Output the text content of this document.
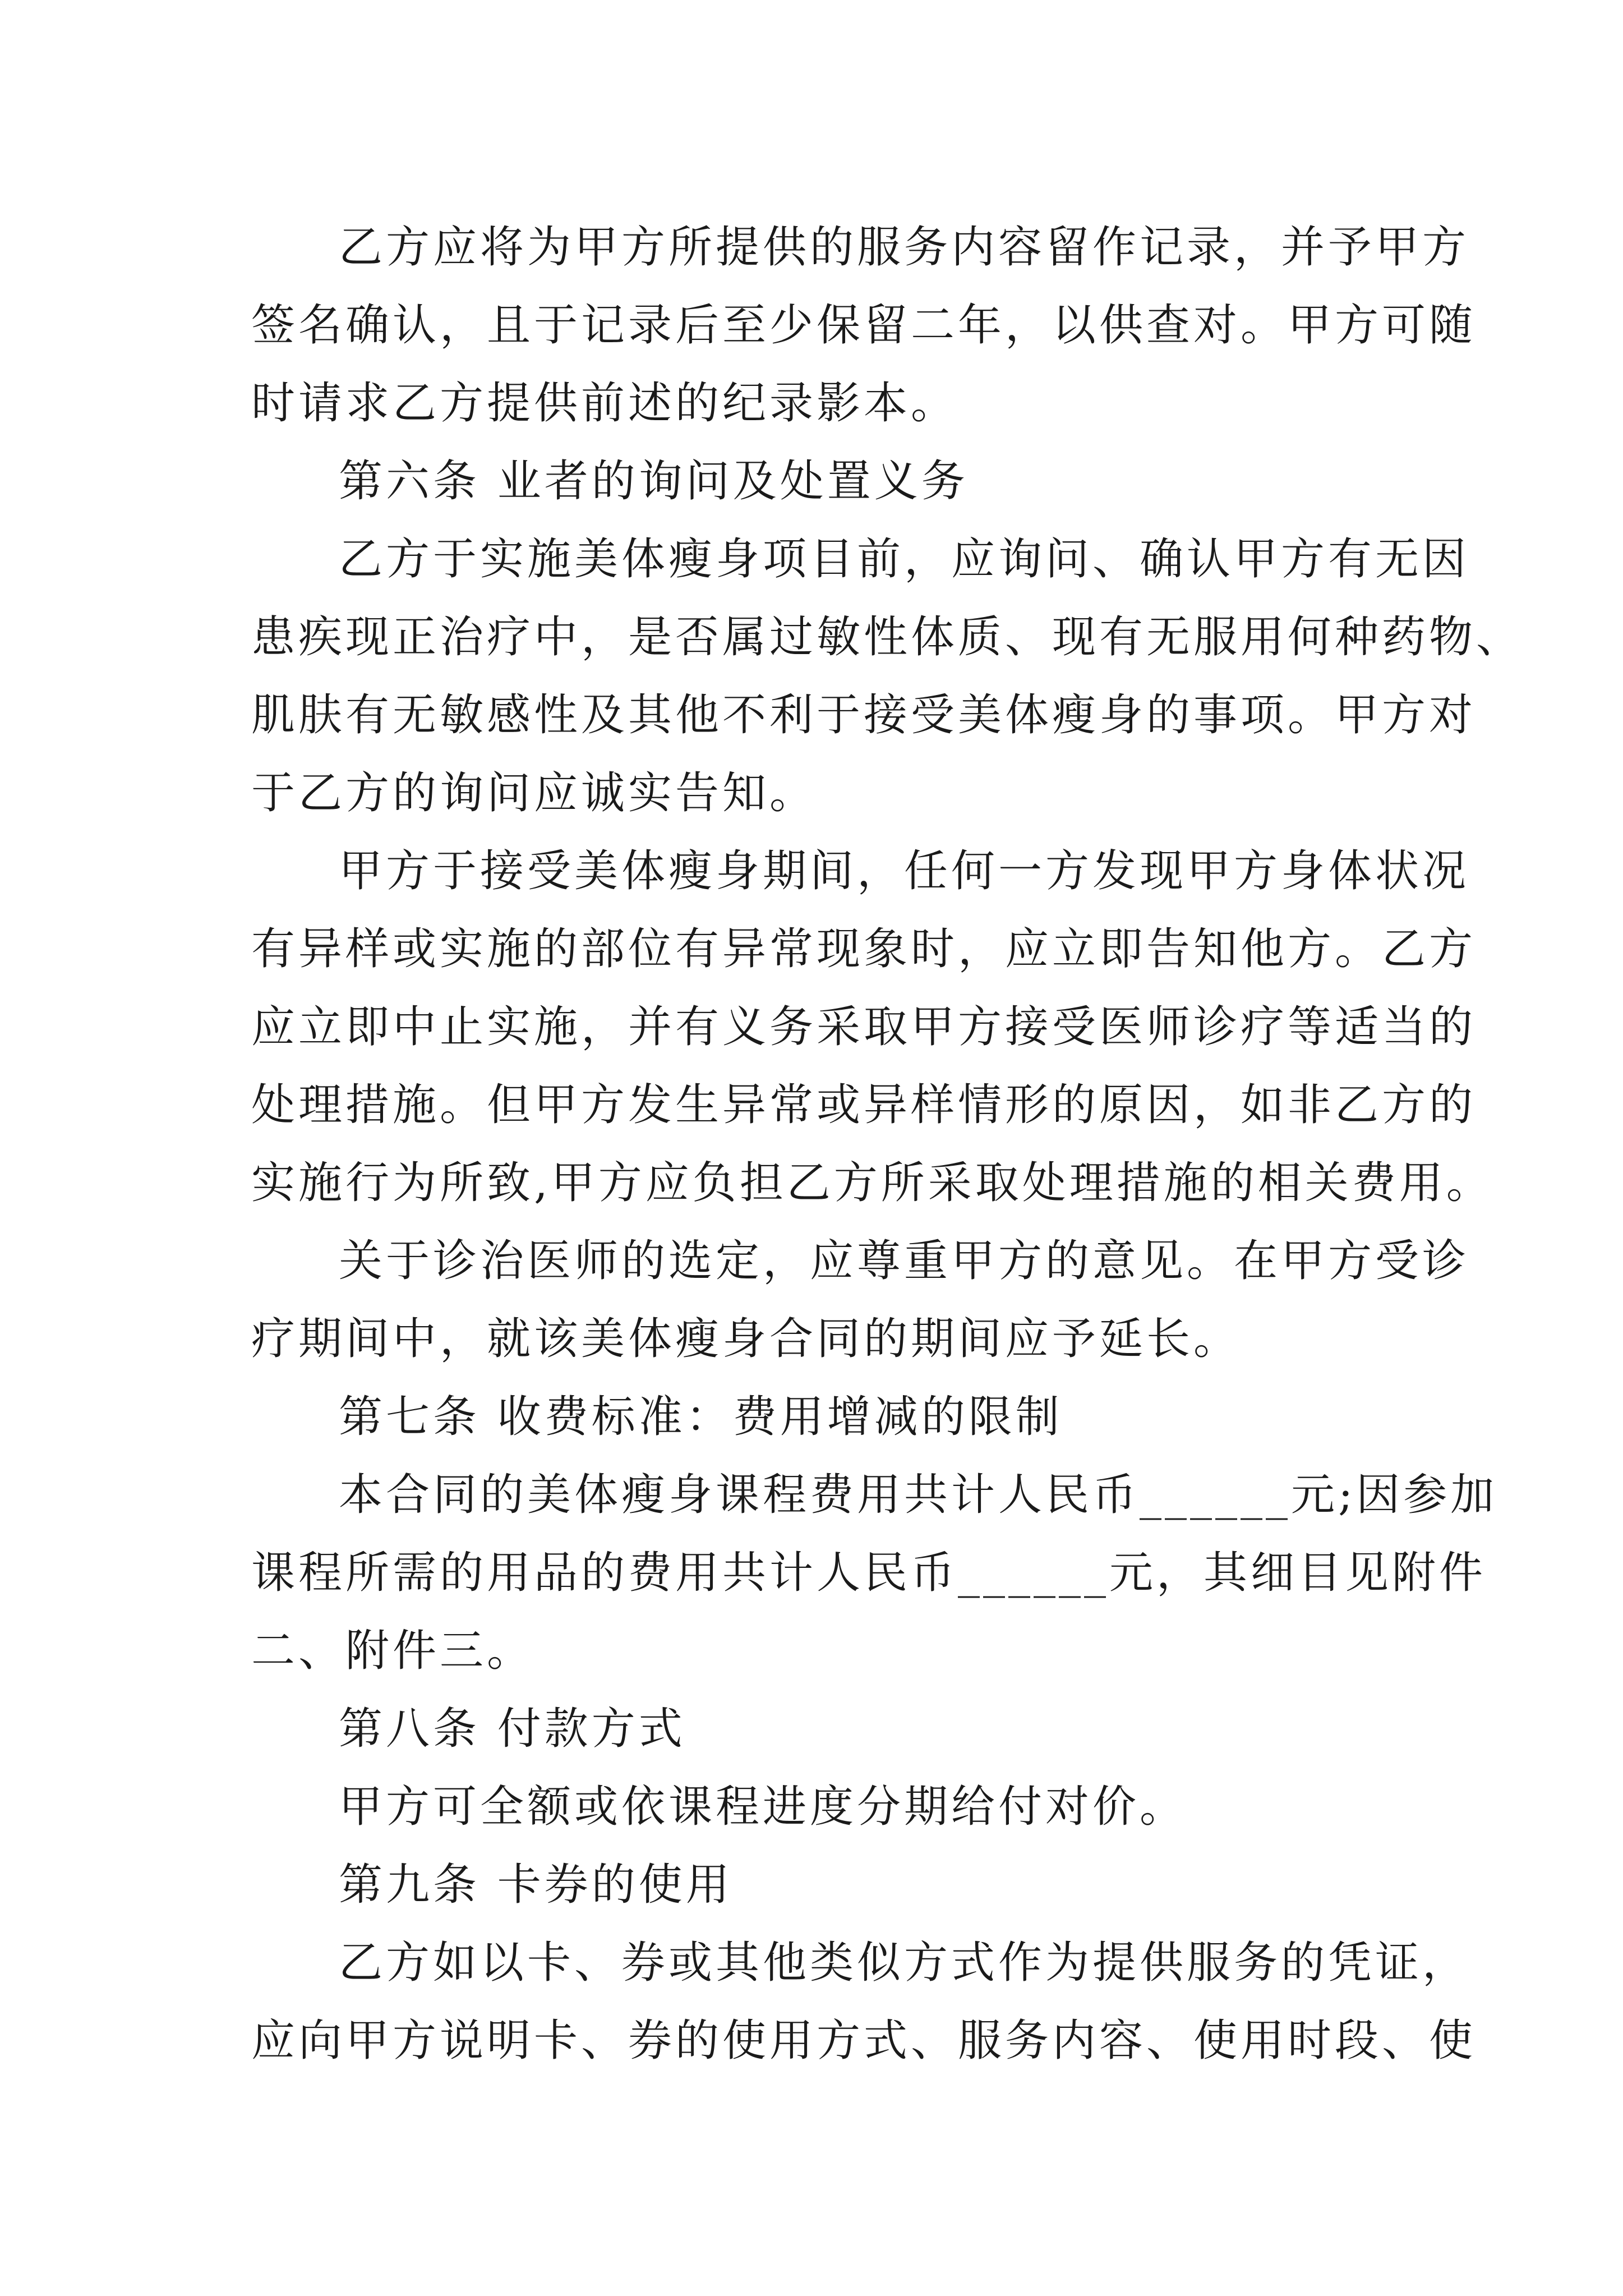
乙方应将为甲方所提供的服务内容留作记录，并予甲方
签名确认，且于记录后至少保留二年，以供查对。甲方可随
时请求乙方提供前述的纪录影本。
第六条 业者的询问及处置义务
乙方于实施美体瘦身项目前，应询问、确认甲方有无因
患疾现正治疗中，是否属过敏性体质、现有无服用何种药物、
肌肤有无敏感性及其他不利于接受美体瘦身的事项。甲方对
于乙方的询问应诚实告知。
甲方于接受美体瘦身期间，任何一方发现甲方身体状况
有异样或实施的部位有异常现象时，应立即告知他方。乙方
应立即中止实施，并有义务采取甲方接受医师诊疗等适当的
处理措施。但甲方发生异常或异样情形的原因，如非乙方的
实施行为所致,甲方应负担乙方所采取处理措施的相关费用。
关于诊治医师的选定，应尊重甲方的意见。在甲方受诊
疗期间中，就该美体瘦身合同的期间应予延长。
第七条 收费标准：费用增减的限制
本合同的美体瘦身课程费用共计人民币______元;因参加
课程所需的用品的费用共计人民币______元，其细目见附件
二、附件三。
第八条 付款方式
甲方可全额或依课程进度分期给付对价。
第九条 卡券的使用
乙方如以卡、券或其他类似方式作为提供服务的凭证，
应向甲方说明卡、券的使用方式、服务内容、使用时段、使
